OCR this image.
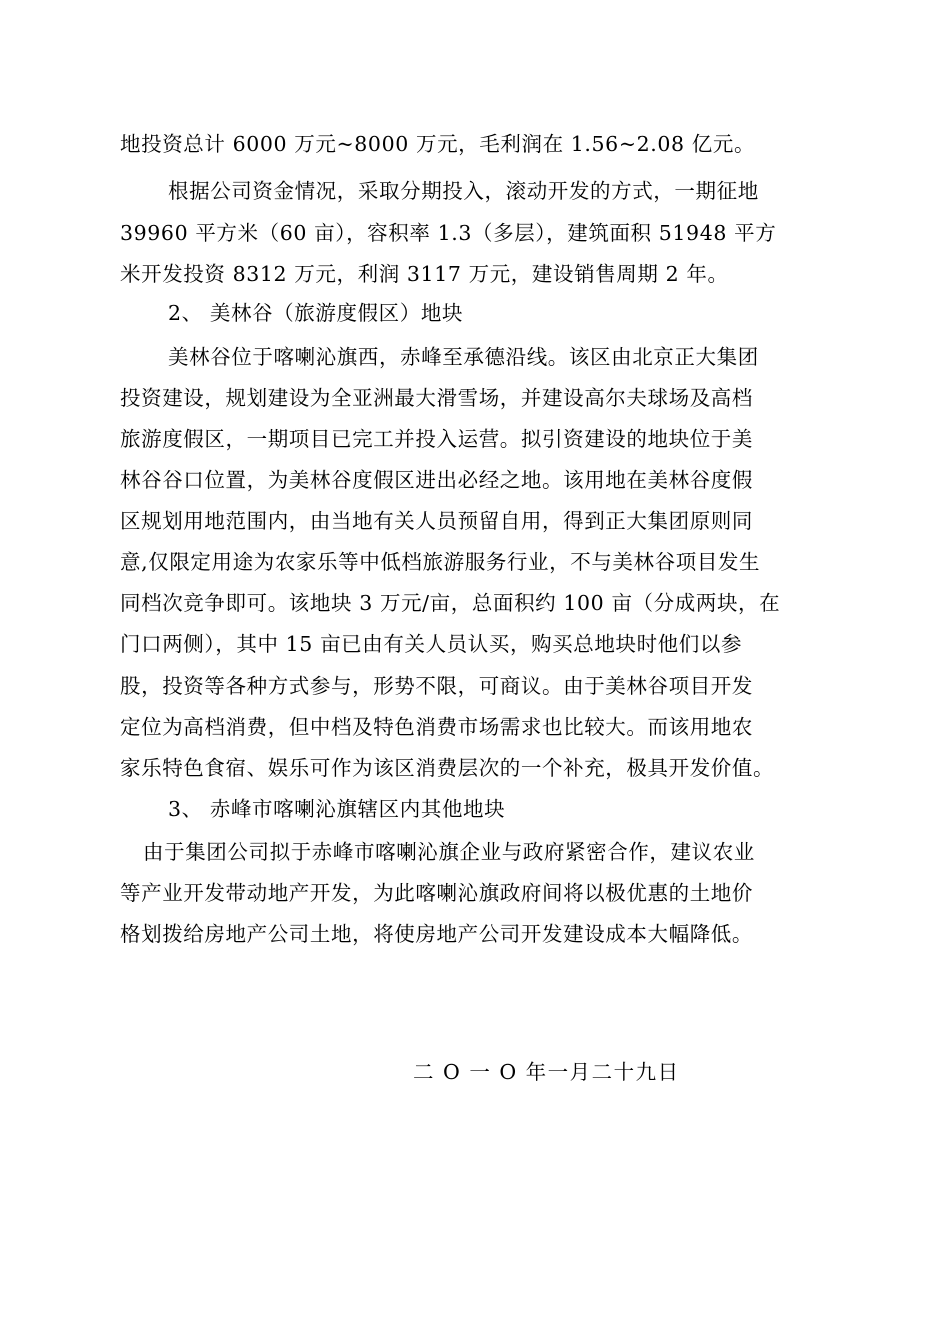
地投资总计 6000 万元~8000 万元，毛利润在 1.56~2.08 亿元。
根据公司资金情况，采取分期投入，滚动开发的方式，一期征地
39960 平方米（60 亩），容积率 1.3（多层），建筑面积 51948 平方
米开发投资 8312 万元，利润 3117 万元，建设销售周期 2 年。
2、 美林谷（旅游度假区）地块
美林谷位于喀喇沁旗西，赤峰至承德沿线。该区由北京正大集团
投资建设，规划建设为全亚洲最大滑雪场，并建设高尔夫球场及高档
旅游度假区，一期项目已完工并投入运营。拟引资建设的地块位于美
林谷谷口位置，为美林谷度假区进出必经之地。该用地在美林谷度假
区规划用地范围内，由当地有关人员预留自用，得到正大集团原则同
意,仅限定用途为农家乐等中低档旅游服务行业，不与美林谷项目发生
同档次竞争即可。该地块 3 万元/亩，总面积约 100 亩（分成两块，在
门口两侧），其中 15 亩已由有关人员认买，购买总地块时他们以参
股，投资等各种方式参与，形势不限，可商议。由于美林谷项目开发
定位为高档消费，但中档及特色消费市场需求也比较大。而该用地农
家乐特色食宿、娱乐可作为该区消费层次的一个补充，极具开发价值。
3、 赤峰市喀喇沁旗辖区内其他地块
由于集团公司拟于赤峰市喀喇沁旗企业与政府紧密合作，建议农业
等产业开发带动地产开发，为此喀喇沁旗政府间将以极优惠的土地价
格划拨给房地产公司土地，将使房地产公司开发建设成本大幅降低。
二 O 一 O 年一月二十九日
